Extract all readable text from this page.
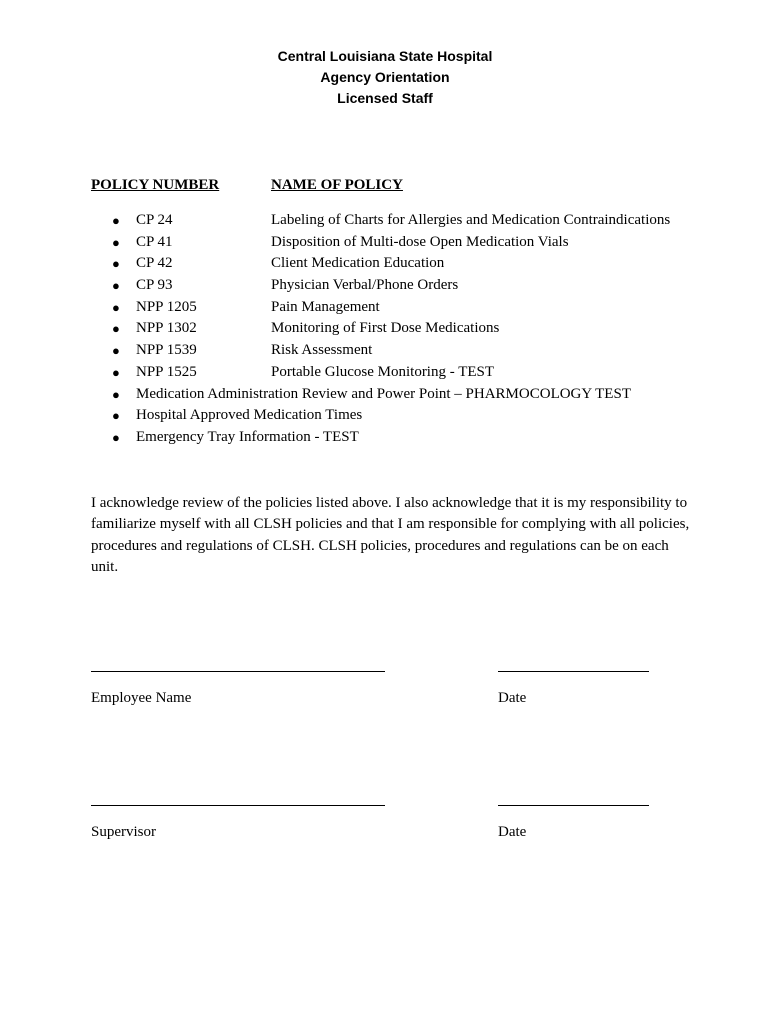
Central Louisiana State Hospital
Agency Orientation
Licensed Staff
POLICY NUMBER	NAME OF POLICY
● CP 24	Labeling of Charts for Allergies and Medication Contraindications
● CP 41	Disposition of Multi-dose Open Medication Vials
● CP 42	Client Medication Education
● CP 93	Physician Verbal/Phone Orders
● NPP 1205	Pain Management
● NPP 1302	Monitoring of First Dose Medications
● NPP 1539	Risk Assessment
● NPP 1525	Portable Glucose Monitoring - TEST
● Medication Administration Review and Power Point – PHARMOCOLOGY TEST
● Hospital Approved Medication Times
● Emergency Tray Information - TEST

I acknowledge review of the policies listed above. I also acknowledge that it is my responsibility to familiarize myself with all CLSH policies and that I am responsible for complying with all policies, procedures and regulations of CLSH. CLSH policies, procedures and regulations can be on each unit.

Employee Name	Date
Supervisor	Date
